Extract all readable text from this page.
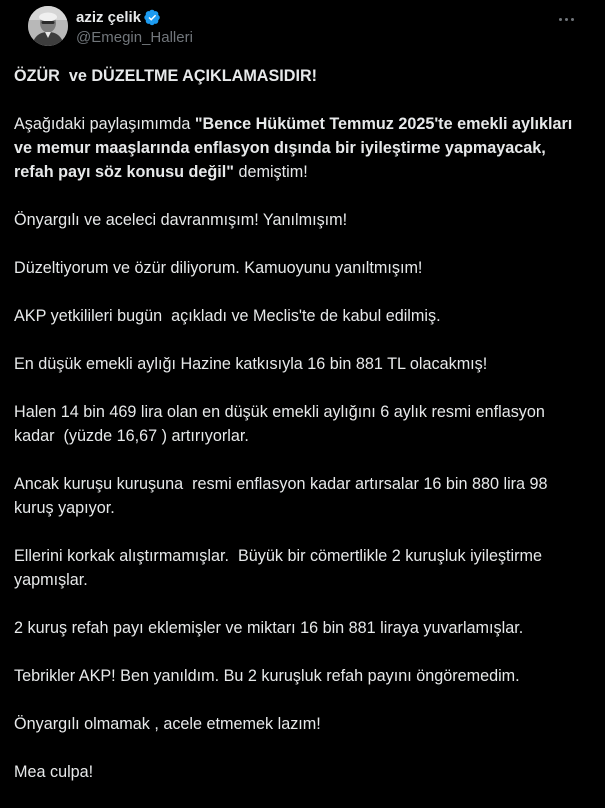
aziz çelik
@Emegin_Halleri

ÖZÜR  ve DÜZELTME AÇIKLAMASIDIR!

Aşağıdaki paylaşımımda "Bence Hükümet Temmuz 2025'te emekli aylıkları ve memur maaşlarında enflasyon dışında bir iyileştirme yapmayacak, refah payı söz konusu değil" demiştim!

Önyargılı ve aceleci davranmışım! Yanılmışım!

Düzeltiyorum ve özür diliyorum. Kamuoyunu yanıltmışım!

AKP yetkilileri bugün  açıkladı ve Meclis'te de kabul edilmiş.

En düşük emekli aylığı Hazine katkısıyla 16 bin 881 TL olacakmış!

Halen 14 bin 469 lira olan en düşük emekli aylığını 6 aylık resmi enflasyon kadar  (yüzde 16,67 ) artırıyorlar.

Ancak kuruşu kuruşuna  resmi enflasyon kadar artırsalar 16 bin 880 lira 98 kuruş yapıyor.

Ellerini korkak alıştırmamışlar.  Büyük bir cömertlikle 2 kuruşluk iyileştirme yapmışlar.

2 kuruş refah payı eklemişler ve miktarı 16 bin 881 liraya yuvarlamışlar.

Tebrikler AKP! Ben yanıldım. Bu 2 kuruşluk refah payını öngöremedim.

Önyargılı olmamak , acele etmemek lazım!

Mea culpa!
